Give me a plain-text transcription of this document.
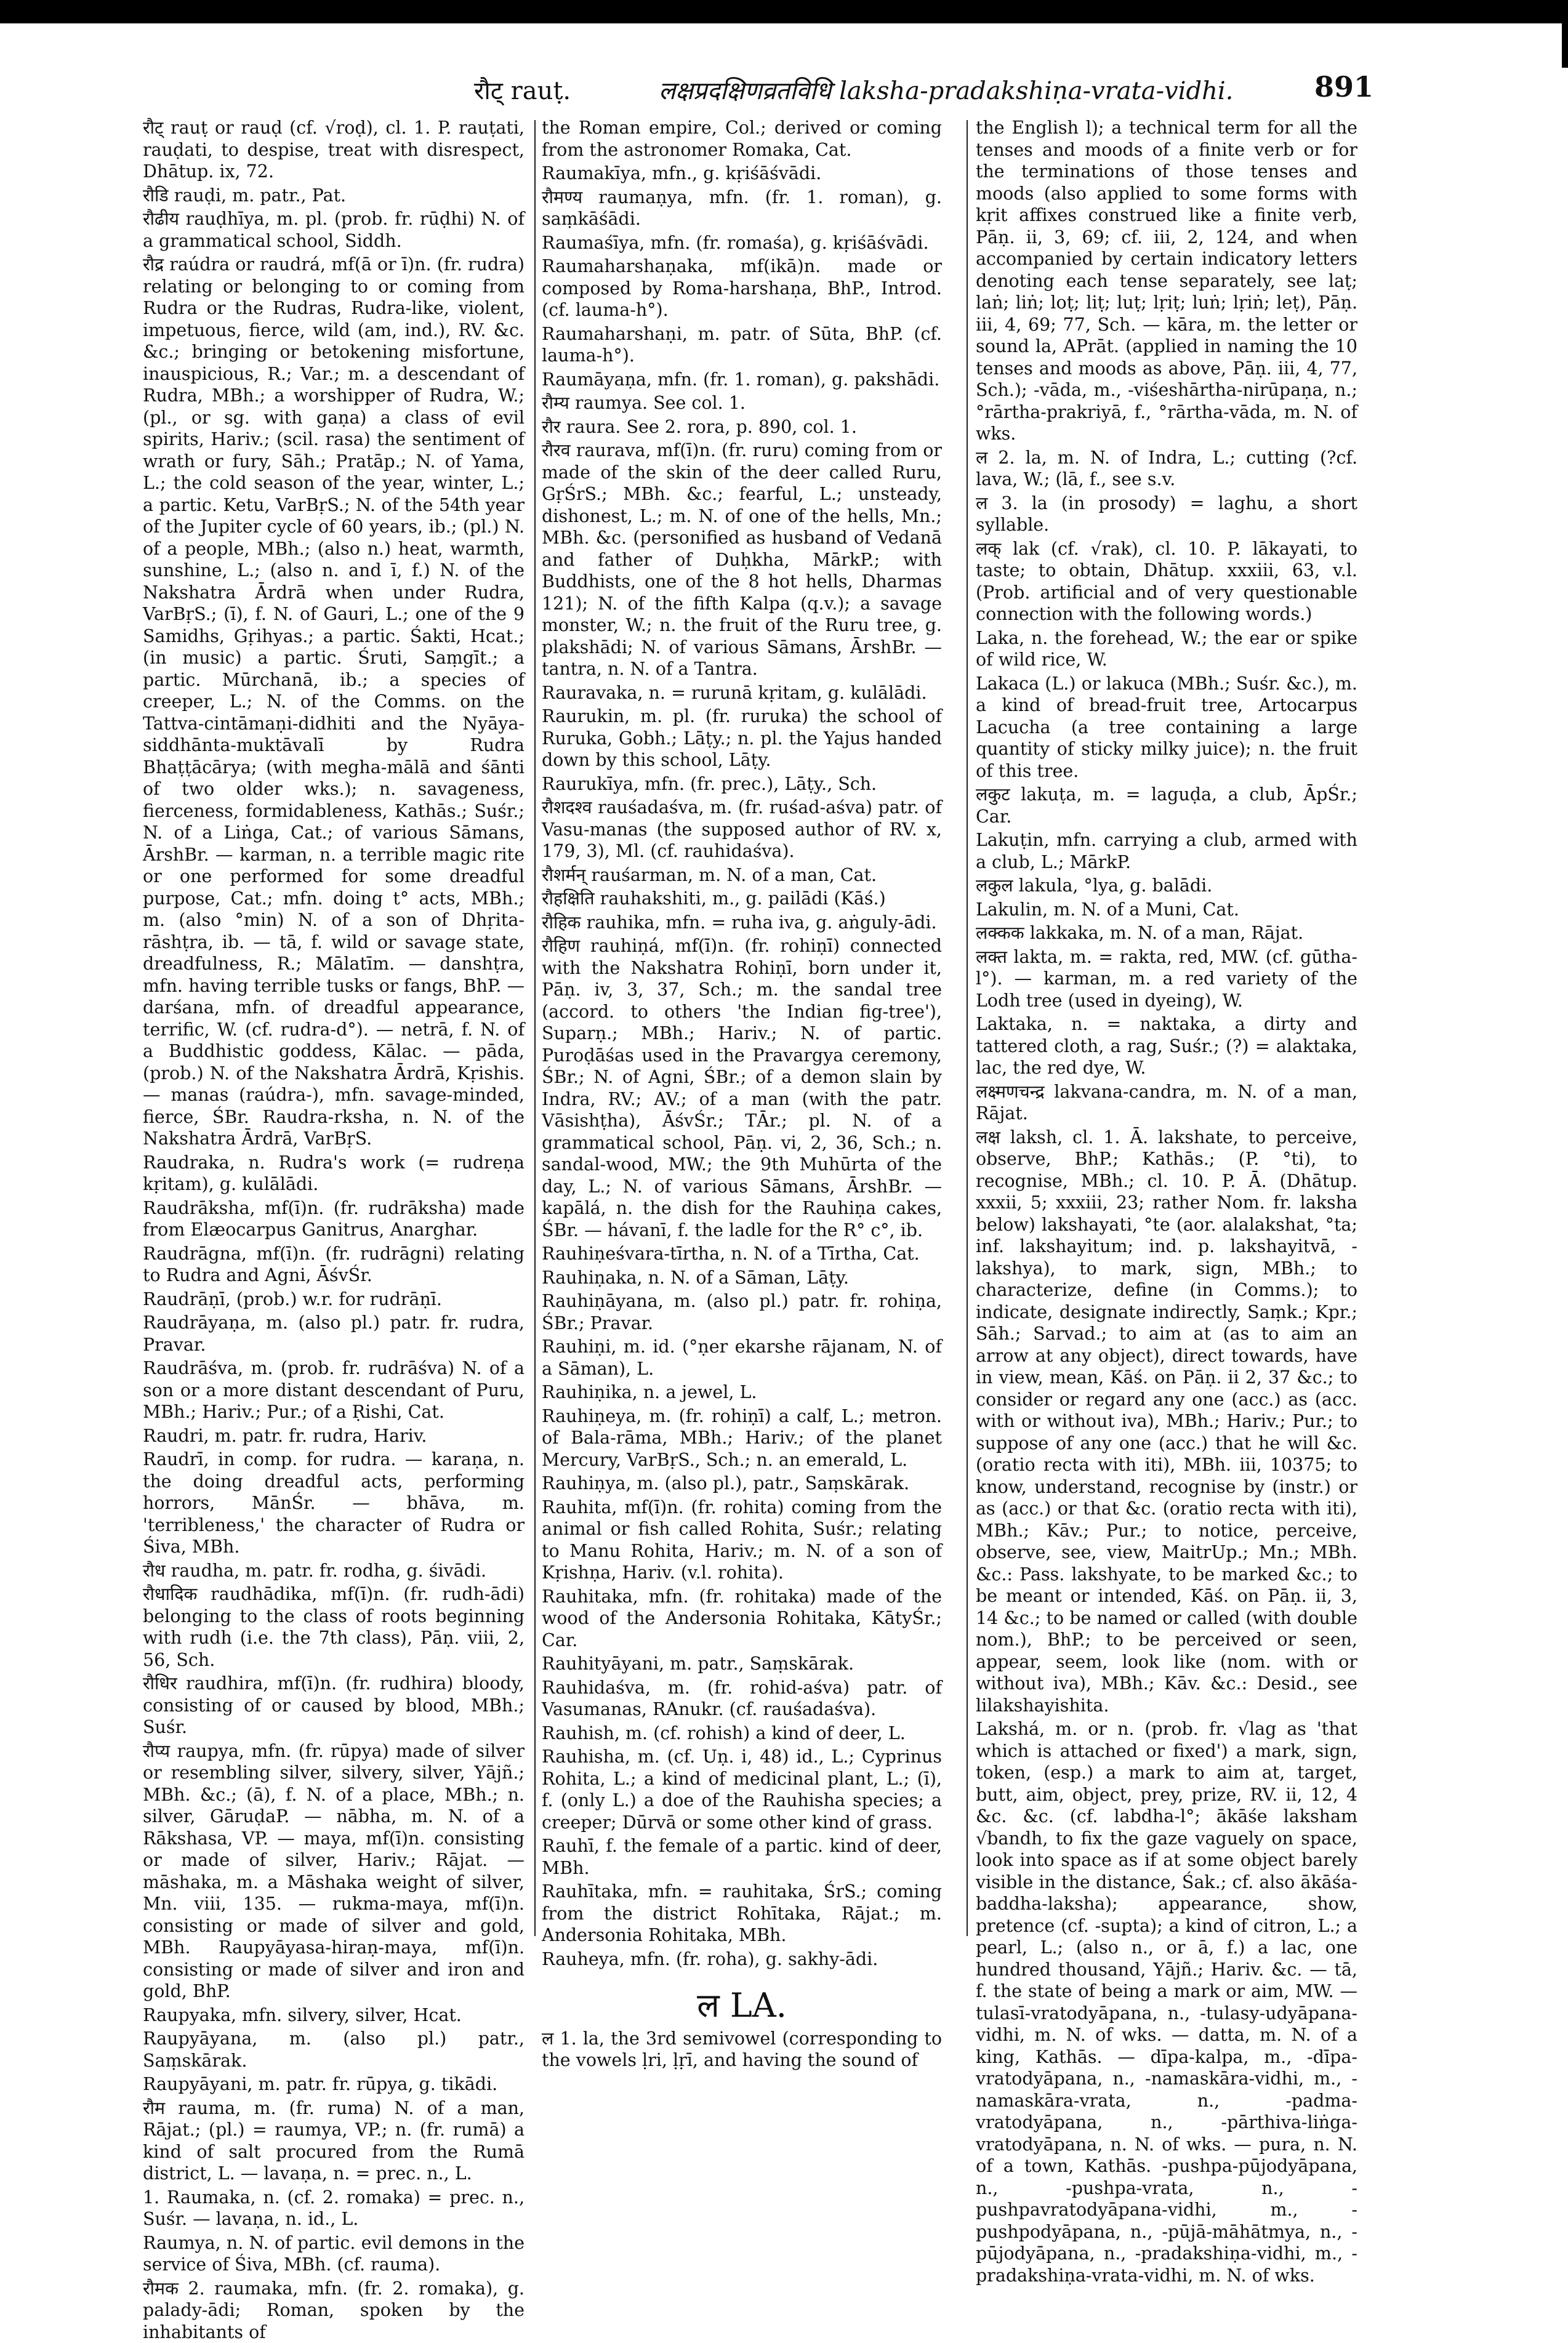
रौट् rauṭ.	लक्षप्रदक्षिणव्रतविधि laksha-pradakshiṇa-vrata-vidhi.	891
रौट् rauṭ or rauḍ (cf. √roḍ), cl. 1. P. rauṭati, rauḍati, to despise, treat with disrespect, Dhātup. ix, 72.
रौडि rauḍi, m. patr., Pat.
रौढीय rauḍhīya, m. pl. (prob. fr. rūḍhi) N. of a grammatical school, Siddh.
रौद्र raúdra or raudrá, mf(ā or ī)n. (fr. rudra) relating or belonging to or coming from Rudra or the Rudras, Rudra-like, violent, impetuous, fierce, wild (am, ind.), RV. &c. &c.; bringing or betokening misfortune, inauspicious, R.; Var.; m. a descendant of Rudra, MBh.; a worshipper of Rudra, W.; (pl., or sg. with gaṇa) a class of evil spirits, Hariv.; (scil. rasa) the sentiment of wrath or fury, Sāh.; Pratāp.; N. of Yama, L.; the cold season of the year, winter, L.; a partic. Ketu, VarBṛS.; N. of the 54th year of the Jupiter cycle of 60 years, ib.; (pl.) N. of a people, MBh.; (also n.) heat, warmth, sunshine, L.; (also n. and ī, f.) N. of the Nakshatra Ārdrā when under Rudra, VarBṛS.; (ī), f. N. of Gauri, L.; one of the 9 Samidhs, Gṛihyas.; a partic. Śakti, Hcat.; (in music) a partic. Śruti, Saṃgīt.; a partic. Mūrchanā, ib.; a species of creeper, L.; N. of the Comms. on the Tattva-cintāmaṇi-didhiti and the Nyāya-siddhānta-muktāvalī by Rudra Bhaṭṭācārya; (with megha-mālā and śānti of two older wks.); n. savageness, fierceness, formidableness, Kathās.; Suśr.; N. of a Liṅga, Cat.; of various Sāmans, ĀrshBr. — karman, n. a terrible magic rite or one performed for some dreadful purpose, Cat.; mfn. doing t° acts, MBh.; m. (also °min) N. of a son of Dhṛita-rāshṭra, ib. — tā, f. wild or savage state, dreadfulness, R.; Mālatīm. — danshṭra, mfn. having terrible tusks or fangs, BhP. — darśana, mfn. of dreadful appearance, terrific, W. (cf. rudra-d°). — netrā, f. N. of a Buddhistic goddess, Kālac. — pāda, (prob.) N. of the Nakshatra Ārdrā, Kṛishis. — manas (raúdra-), mfn. savage-minded, fierce, ŚBr. Raudra-rksha, n. N. of the Nakshatra Ārdrā, VarBṛS.
Raudraka, n. Rudra's work (= rudreṇa kṛitam), g. kulālādi.
Raudrāksha, mf(ī)n. (fr. rudrāksha) made from Elæocarpus Ganitrus, Anarghar.
Raudrāgna, mf(ī)n. (fr. rudrāgni) relating to Rudra and Agni, ĀśvŚr.
Raudrāṇī, (prob.) w.r. for rudrāṇī.
Raudrāyaṇa, m. (also pl.) patr. fr. rudra, Pravar.
Raudrāśva, m. (prob. fr. rudrāśva) N. of a son or a more distant descendant of Puru, MBh.; Hariv.; Pur.; of a Ṛishi, Cat.
Raudri, m. patr. fr. rudra, Hariv.
Raudrī, in comp. for rudra. — karaṇa, n. the doing dreadful acts, performing horrors, MānŚr. — bhāva, m. 'terribleness,' the character of Rudra or Śiva, MBh.
रौध raudha, m. patr. fr. rodha, g. śivādi.
रौधादिक raudhādika, mf(ī)n. (fr. rudh-ādi) belonging to the class of roots beginning with rudh (i.e. the 7th class), Pāṇ. viii, 2, 56, Sch.
रौधिर raudhira, mf(ī)n. (fr. rudhira) bloody, consisting of or caused by blood, MBh.; Suśr.
रौप्य raupya, mfn. (fr. rūpya) made of silver or resembling silver, silvery, silver, Yājñ.; MBh. &c.; (ā), f. N. of a place, MBh.; n. silver, GāruḍaP. — nābha, m. N. of a Rākshasa, VP. — maya, mf(ī)n. consisting or made of silver, Hariv.; Rājat. — māshaka, m. a Māshaka weight of silver, Mn. viii, 135. — rukma-maya, mf(ī)n. consisting or made of silver and gold, MBh. Raupyāyasa-hiraṇ-maya, mf(ī)n. consisting or made of silver and iron and gold, BhP.
Raupyaka, mfn. silvery, silver, Hcat.
Raupyāyana, m. (also pl.) patr., Saṃskārak.
Raupyāyani, m. patr. fr. rūpya, g. tikādi.
रौम rauma, m. (fr. ruma) N. of a man, Rājat.; (pl.) = raumya, VP.; n. (fr. rumā) a kind of salt procured from the Rumā district, L. — lavaṇa, n. = prec. n., L.
1. Raumaka, n. (cf. 2. romaka) = prec. n., Suśr. — lavaṇa, n. id., L.
Raumya, n. N. of partic. evil demons in the service of Śiva, MBh. (cf. rauma).
रौमक 2. raumaka, mfn. (fr. 2. romaka), g. palady-ādi; Roman, spoken by the inhabitants of
the Roman empire, Col.; derived or coming from the astronomer Romaka, Cat.
Raumakīya, mfn., g. kṛiśāśvādi.
रौमण्य raumaṇya, mfn. (fr. 1. roman), g. saṃkāśādi.
Raumaśīya, mfn. (fr. romaśa), g. kṛiśāśvādi.
Raumaharshaṇaka, mf(ikā)n. made or composed by Roma-harshaṇa, BhP., Introd. (cf. lauma-h°).
Raumaharshaṇi, m. patr. of Sūta, BhP. (cf. lauma-h°).
Raumāyaṇa, mfn. (fr. 1. roman), g. pakshādi.
रौम्य raumya. See col. 1.
रौर raura. See 2. rora, p. 890, col. 1.
रौरव raurava, mf(ī)n. (fr. ruru) coming from or made of the skin of the deer called Ruru, GṛŚrS.; MBh. &c.; fearful, L.; unsteady, dishonest, L.; m. N. of one of the hells, Mn.; MBh. &c. (personified as husband of Vedanā and father of Duḥkha, MārkP.; with Buddhists, one of the 8 hot hells, Dharmas 121); N. of the fifth Kalpa (q.v.); a savage monster, W.; n. the fruit of the Ruru tree, g. plakshādi; N. of various Sāmans, ĀrshBr. — tantra, n. N. of a Tantra.
Rauravaka, n. = rurunā kṛitam, g. kulālādi.
Raurukin, m. pl. (fr. ruruka) the school of Ruruka, Gobh.; Lāṭy.; n. pl. the Yajus handed down by this school, Lāṭy.
Raurukīya, mfn. (fr. prec.), Lāṭy., Sch.
रौशदश्व rauśadaśva, m. (fr. ruśad-aśva) patr. of Vasu-manas (the supposed author of RV. x, 179, 3), Ml. (cf. rauhidaśva).
रौशर्मन् rauśarman, m. N. of a man, Cat.
रौहक्षिति rauhakshiti, m., g. pailādi (Kāś.)
रौहिक rauhika, mfn. = ruha iva, g. aṅguly-ādi.
रौहिण rauhiṇá, mf(ī)n. (fr. rohiṇī) connected with the Nakshatra Rohiṇī, born under it, Pāṇ. iv, 3, 37, Sch.; m. the sandal tree (accord. to others 'the Indian fig-tree'), Suparṇ.; MBh.; Hariv.; N. of partic. Puroḍāśas used in the Pravargya ceremony, ŚBr.; N. of Agni, ŚBr.; of a demon slain by Indra, RV.; AV.; of a man (with the patr. Vāsishṭha), ĀśvŚr.; TĀr.; pl. N. of a grammatical school, Pāṇ. vi, 2, 36, Sch.; n. sandal-wood, MW.; the 9th Muhūrta of the day, L.; N. of various Sāmans, ĀrshBr. — kapālá, n. the dish for the Rauhiṇa cakes, ŚBr. — hávanī, f. the ladle for the R° c°, ib.
Rauhiṇeśvara-tīrtha, n. N. of a Tīrtha, Cat.
Rauhiṇaka, n. N. of a Sāman, Lāṭy.
Rauhiṇāyana, m. (also pl.) patr. fr. rohiṇa, ŚBr.; Pravar.
Rauhiṇi, m. id. (°ṇer ekarshe rājanam, N. of a Sāman), L.
Rauhiṇika, n. a jewel, L.
Rauhiṇeya, m. (fr. rohiṇī) a calf, L.; metron. of Bala-rāma, MBh.; Hariv.; of the planet Mercury, VarBṛS., Sch.; n. an emerald, L.
Rauhiṇya, m. (also pl.), patr., Saṃskārak.
Rauhita, mf(ī)n. (fr. rohita) coming from the animal or fish called Rohita, Suśr.; relating to Manu Rohita, Hariv.; m. N. of a son of Kṛishṇa, Hariv. (v.l. rohita).
Rauhitaka, mfn. (fr. rohitaka) made of the wood of the Andersonia Rohitaka, KātyŚr.; Car.
Rauhityāyani, m. patr., Saṃskārak.
Rauhidaśva, m. (fr. rohid-aśva) patr. of Vasumanas, RAnukr. (cf. rauśadaśva).
Rauhish, m. (cf. rohish) a kind of deer, L.
Rauhisha, m. (cf. Uṇ. i, 48) id., L.; Cyprinus Rohita, L.; a kind of medicinal plant, L.; (ī), f. (only L.) a doe of the Rauhisha species; a creeper; Dūrvā or some other kind of grass.
Rauhī, f. the female of a partic. kind of deer, MBh.
Rauhītaka, mfn. = rauhitaka, ŚrS.; coming from the district Rohītaka, Rājat.; m. Andersonia Rohitaka, MBh.
Rauheya, mfn. (fr. roha), g. sakhy-ādi.
ल LA.
ल 1. la, the 3rd semivowel (corresponding to the vowels ḷri, ḷṛī, and having the sound of
the English l); a technical term for all the tenses and moods of a finite verb or for the terminations of those tenses and moods (also applied to some forms with kṛit affixes construed like a finite verb, Pāṇ. ii, 3, 69; cf. iii, 2, 124, and when accompanied by certain indicatory letters denoting each tense separately, see laṭ; laṅ; liṅ; loṭ; liṭ; luṭ; lṛiṭ; luṅ; lṛiṅ; leṭ), Pāṇ. iii, 4, 69; 77, Sch. — kāra, m. the letter or sound la, APrāt. (applied in naming the 10 tenses and moods as above, Pāṇ. iii, 4, 77, Sch.); -vāda, m., -viśeshārtha-nirūpaṇa, n.; °rārtha-prakriyā, f., °rārtha-vāda, m. N. of wks.
ल 2. la, m. N. of Indra, L.; cutting (?cf. lava, W.; (lā, f., see s.v.
ल 3. la (in prosody) = laghu, a short syllable.
लक् lak (cf. √rak), cl. 10. P. lākayati, to taste; to obtain, Dhātup. xxxiii, 63, v.l. (Prob. artificial and of very questionable connection with the following words.)
Laka, n. the forehead, W.; the ear or spike of wild rice, W.
Lakaca (L.) or lakuca (MBh.; Suśr. &c.), m. a kind of bread-fruit tree, Artocarpus Lacucha (a tree containing a large quantity of sticky milky juice); n. the fruit of this tree.
लकुट lakuṭa, m. = laguḍa, a club, ĀpŚr.; Car.
Lakuṭin, mfn. carrying a club, armed with a club, L.; MārkP.
लकुल lakula, °lya, g. balādi.
Lakulin, m. N. of a Muni, Cat.
लक्कक lakkaka, m. N. of a man, Rājat.
लक्त lakta, m. = rakta, red, MW. (cf. gūtha-l°). — karman, m. a red variety of the Lodh tree (used in dyeing), W.
Laktaka, n. = naktaka, a dirty and tattered cloth, a rag, Suśr.; (?) = alaktaka, lac, the red dye, W.
लक्ष्मणचन्द्र lakvana-candra, m. N. of a man, Rājat.
लक्ष laksh, cl. 1. Ā. lakshate, to perceive, observe, BhP.; Kathās.; (P. °ti), to recognise, MBh.; cl. 10. P. Ā. (Dhātup. xxxii, 5; xxxiii, 23; rather Nom. fr. laksha below) lakshayati, °te (aor. alalakshat, °ta; inf. lakshayitum; ind. p. lakshayitvā, -lakshya), to mark, sign, MBh.; to characterize, define (in Comms.); to indicate, designate indirectly, Saṃk.; Kpr.; Sāh.; Sarvad.; to aim at (as to aim an arrow at any object), direct towards, have in view, mean, Kāś. on Pāṇ. ii 2, 37 &c.; to consider or regard any one (acc.) as (acc. with or without iva), MBh.; Hariv.; Pur.; to suppose of any one (acc.) that he will &c. (oratio recta with iti), MBh. iii, 10375; to know, understand, recognise by (instr.) or as (acc.) or that &c. (oratio recta with iti), MBh.; Kāv.; Pur.; to notice, perceive, observe, see, view, MaitrUp.; Mn.; MBh. &c.: Pass. lakshyate, to be marked &c.; to be meant or intended, Kāś. on Pāṇ. ii, 3, 14 &c.; to be named or called (with double nom.), BhP.; to be perceived or seen, appear, seem, look like (nom. with or without iva), MBh.; Kāv. &c.: Desid., see lilakshayishita.
Lakshá, m. or n. (prob. fr. √lag as 'that which is attached or fixed') a mark, sign, token, (esp.) a mark to aim at, target, butt, aim, object, prey, prize, RV. ii, 12, 4 &c. &c. (cf. labdha-l°; ākāśe laksham √bandh, to fix the gaze vaguely on space, look into space as if at some object barely visible in the distance, Śak.; cf. also ākāśa-baddha-laksha); appearance, show, pretence (cf. -supta); a kind of citron, L.; a pearl, L.; (also n., or ā, f.) a lac, one hundred thousand, Yājñ.; Hariv. &c. — tā, f. the state of being a mark or aim, MW. — tulasī-vratodyāpana, n., -tulasy-udyāpana-vidhi, m. N. of wks. — datta, m. N. of a king, Kathās. — dīpa-kalpa, m., -dīpa-vratodyāpana, n., -namaskāra-vidhi, m., -namaskāra-vrata, n., -padma-vratodyāpana, n., -pārthiva-liṅga-vratodyāpana, n. N. of wks. — pura, n. N. of a town, Kathās. -pushpa-pūjodyāpana, n., -pushpa-vrata, n., -pushpavratodyāpana-vidhi, m., -pushpodyāpana, n., -pūjā-māhātmya, n., -pūjodyāpana, n., -pradakshiṇa-vidhi, m., -pradakshiṇa-vrata-vidhi, m. N. of wks.
